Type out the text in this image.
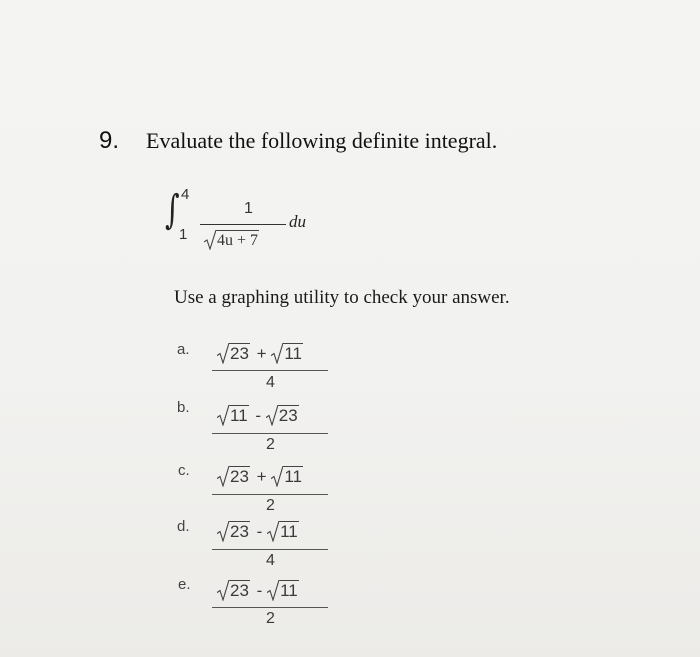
9. Evaluate the following definite integral.
∫ 4
1
1
4u + 7
du
Use a graphing utility to check your answer.
a.	23 + 11
4
b.	11 - 23
2
c.	23 + 11
2
d.	23 - 11
4
e.	23 - 11
2
